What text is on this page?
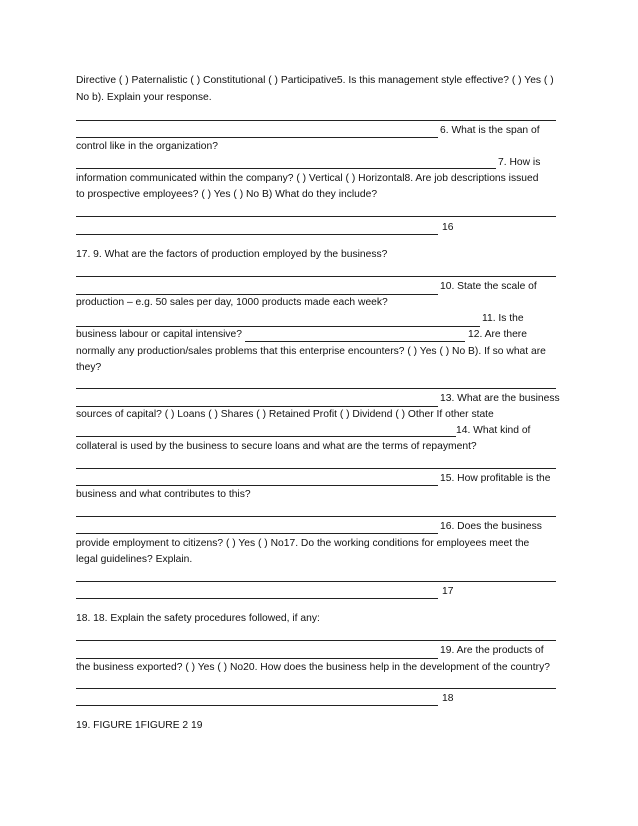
Directive ( ) Paternalistic ( ) Constitutional ( ) Participative5. Is this management style effective? ( ) Yes ( )
No b). Explain your response.
6. What is the span of
control like in the organization?
7. How is
information communicated within the company? ( ) Vertical ( ) Horizontal8. Are job descriptions issued
to prospective employees? ( ) Yes ( ) No B) What do they include?
16
17. 9. What are the factors of production employed by the business?
10. State the scale of
production – e.g. 50 sales per day, 1000 products made each week?
11. Is the
business labour or capital intensive?	12. Are there
normally any production/sales problems that this enterprise encounters? ( ) Yes ( ) No B). If so what are
they?
13. What are the business
sources of capital? ( ) Loans ( ) Shares ( ) Retained Profit ( ) Dividend ( ) Other If other state
14. What kind of
collateral is used by the business to secure loans and what are the terms of repayment?
15. How profitable is the
business and what contributes to this?
16. Does the business
provide employment to citizens? ( ) Yes ( ) No17. Do the working conditions for employees meet the
legal guidelines? Explain.
17
18. 18. Explain the safety procedures followed, if any:
19. Are the products of
the business exported? ( ) Yes ( ) No20. How does the business help in the development of the country?
18
19. FIGURE 1FIGURE 2 19
